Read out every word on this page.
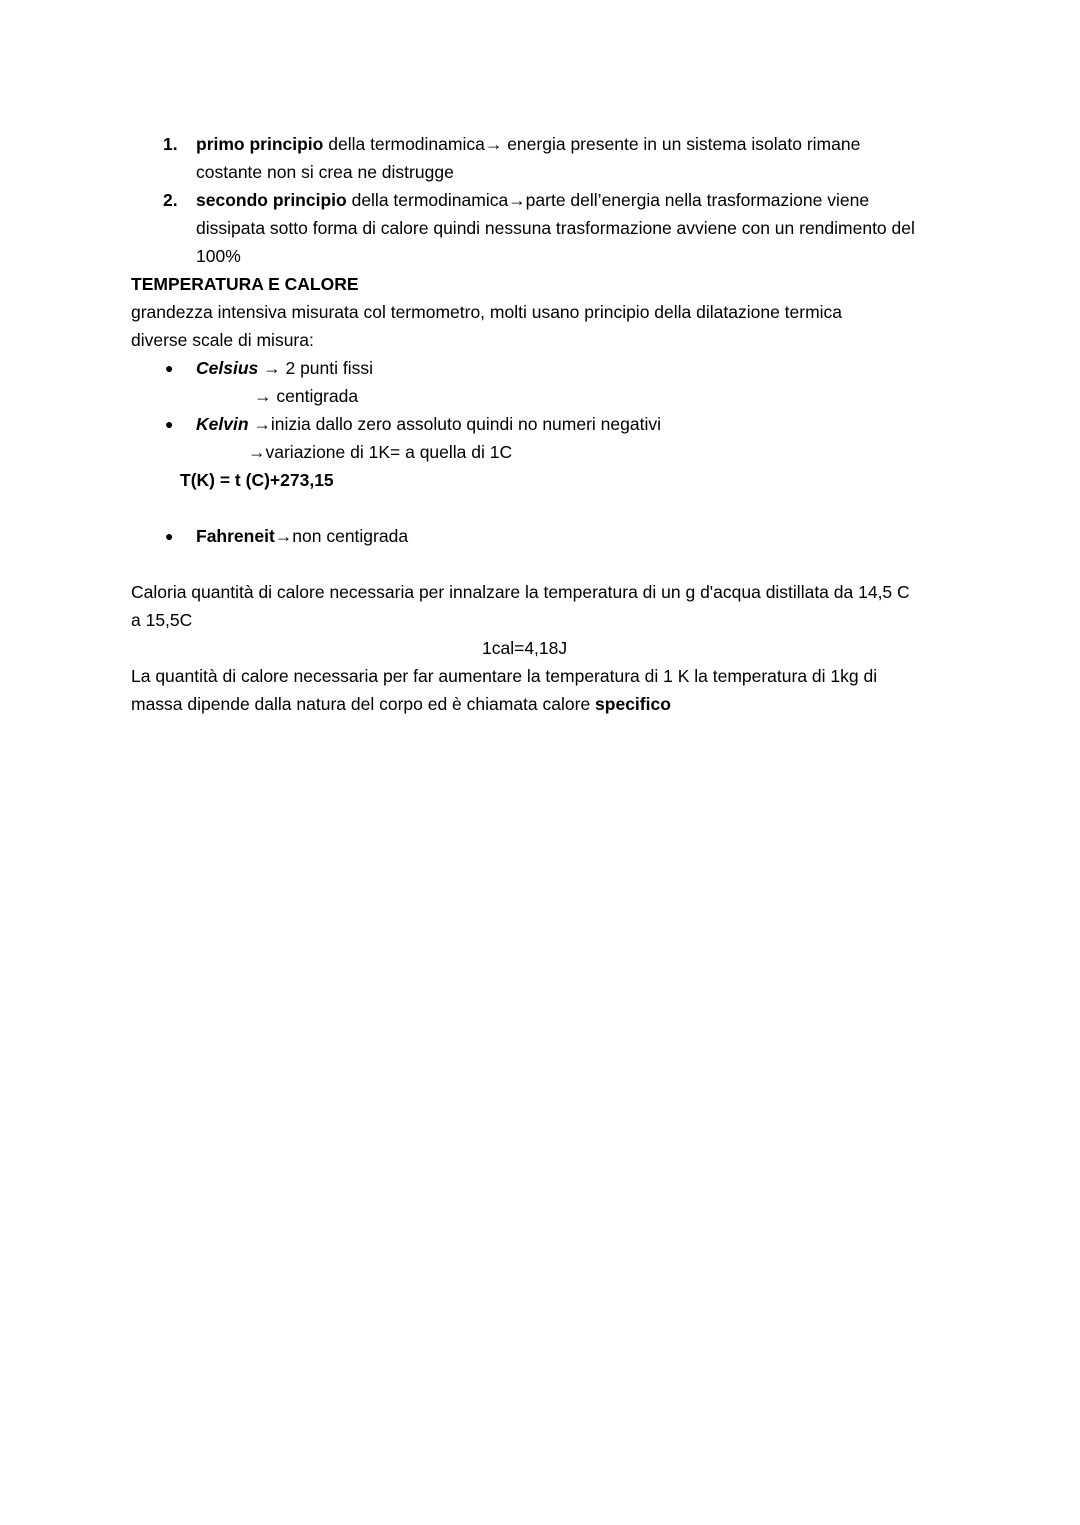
1.	primo principio della termodinamica→ energia presente in un sistema isolato rimane
costante non si crea ne distrugge
2.	secondo principio della termodinamica→parte dell’energia nella trasformazione viene
dissipata sotto forma di calore quindi nessuna trasformazione avviene con un rendimento del
100%
TEMPERATURA E CALORE
grandezza intensiva misurata col termometro, molti usano principio della dilatazione termica
diverse scale di misura:
● Celsius → 2 punti fissi
→ centigrada
● Kelvin →inizia dallo zero assoluto quindi no numeri negativi
→variazione di 1K= a quella di 1C
T(K) = t (C)+273,15
● Fahreneit→non centigrada
Caloria quantità di calore necessaria per innalzare la temperatura di un g d'acqua distillata da 14,5 C
a 15,5C
1cal=4,18J
La quantità di calore necessaria per far aumentare la temperatura di 1 K la temperatura di 1kg di
massa dipende dalla natura del corpo ed è chiamata calore specifico
